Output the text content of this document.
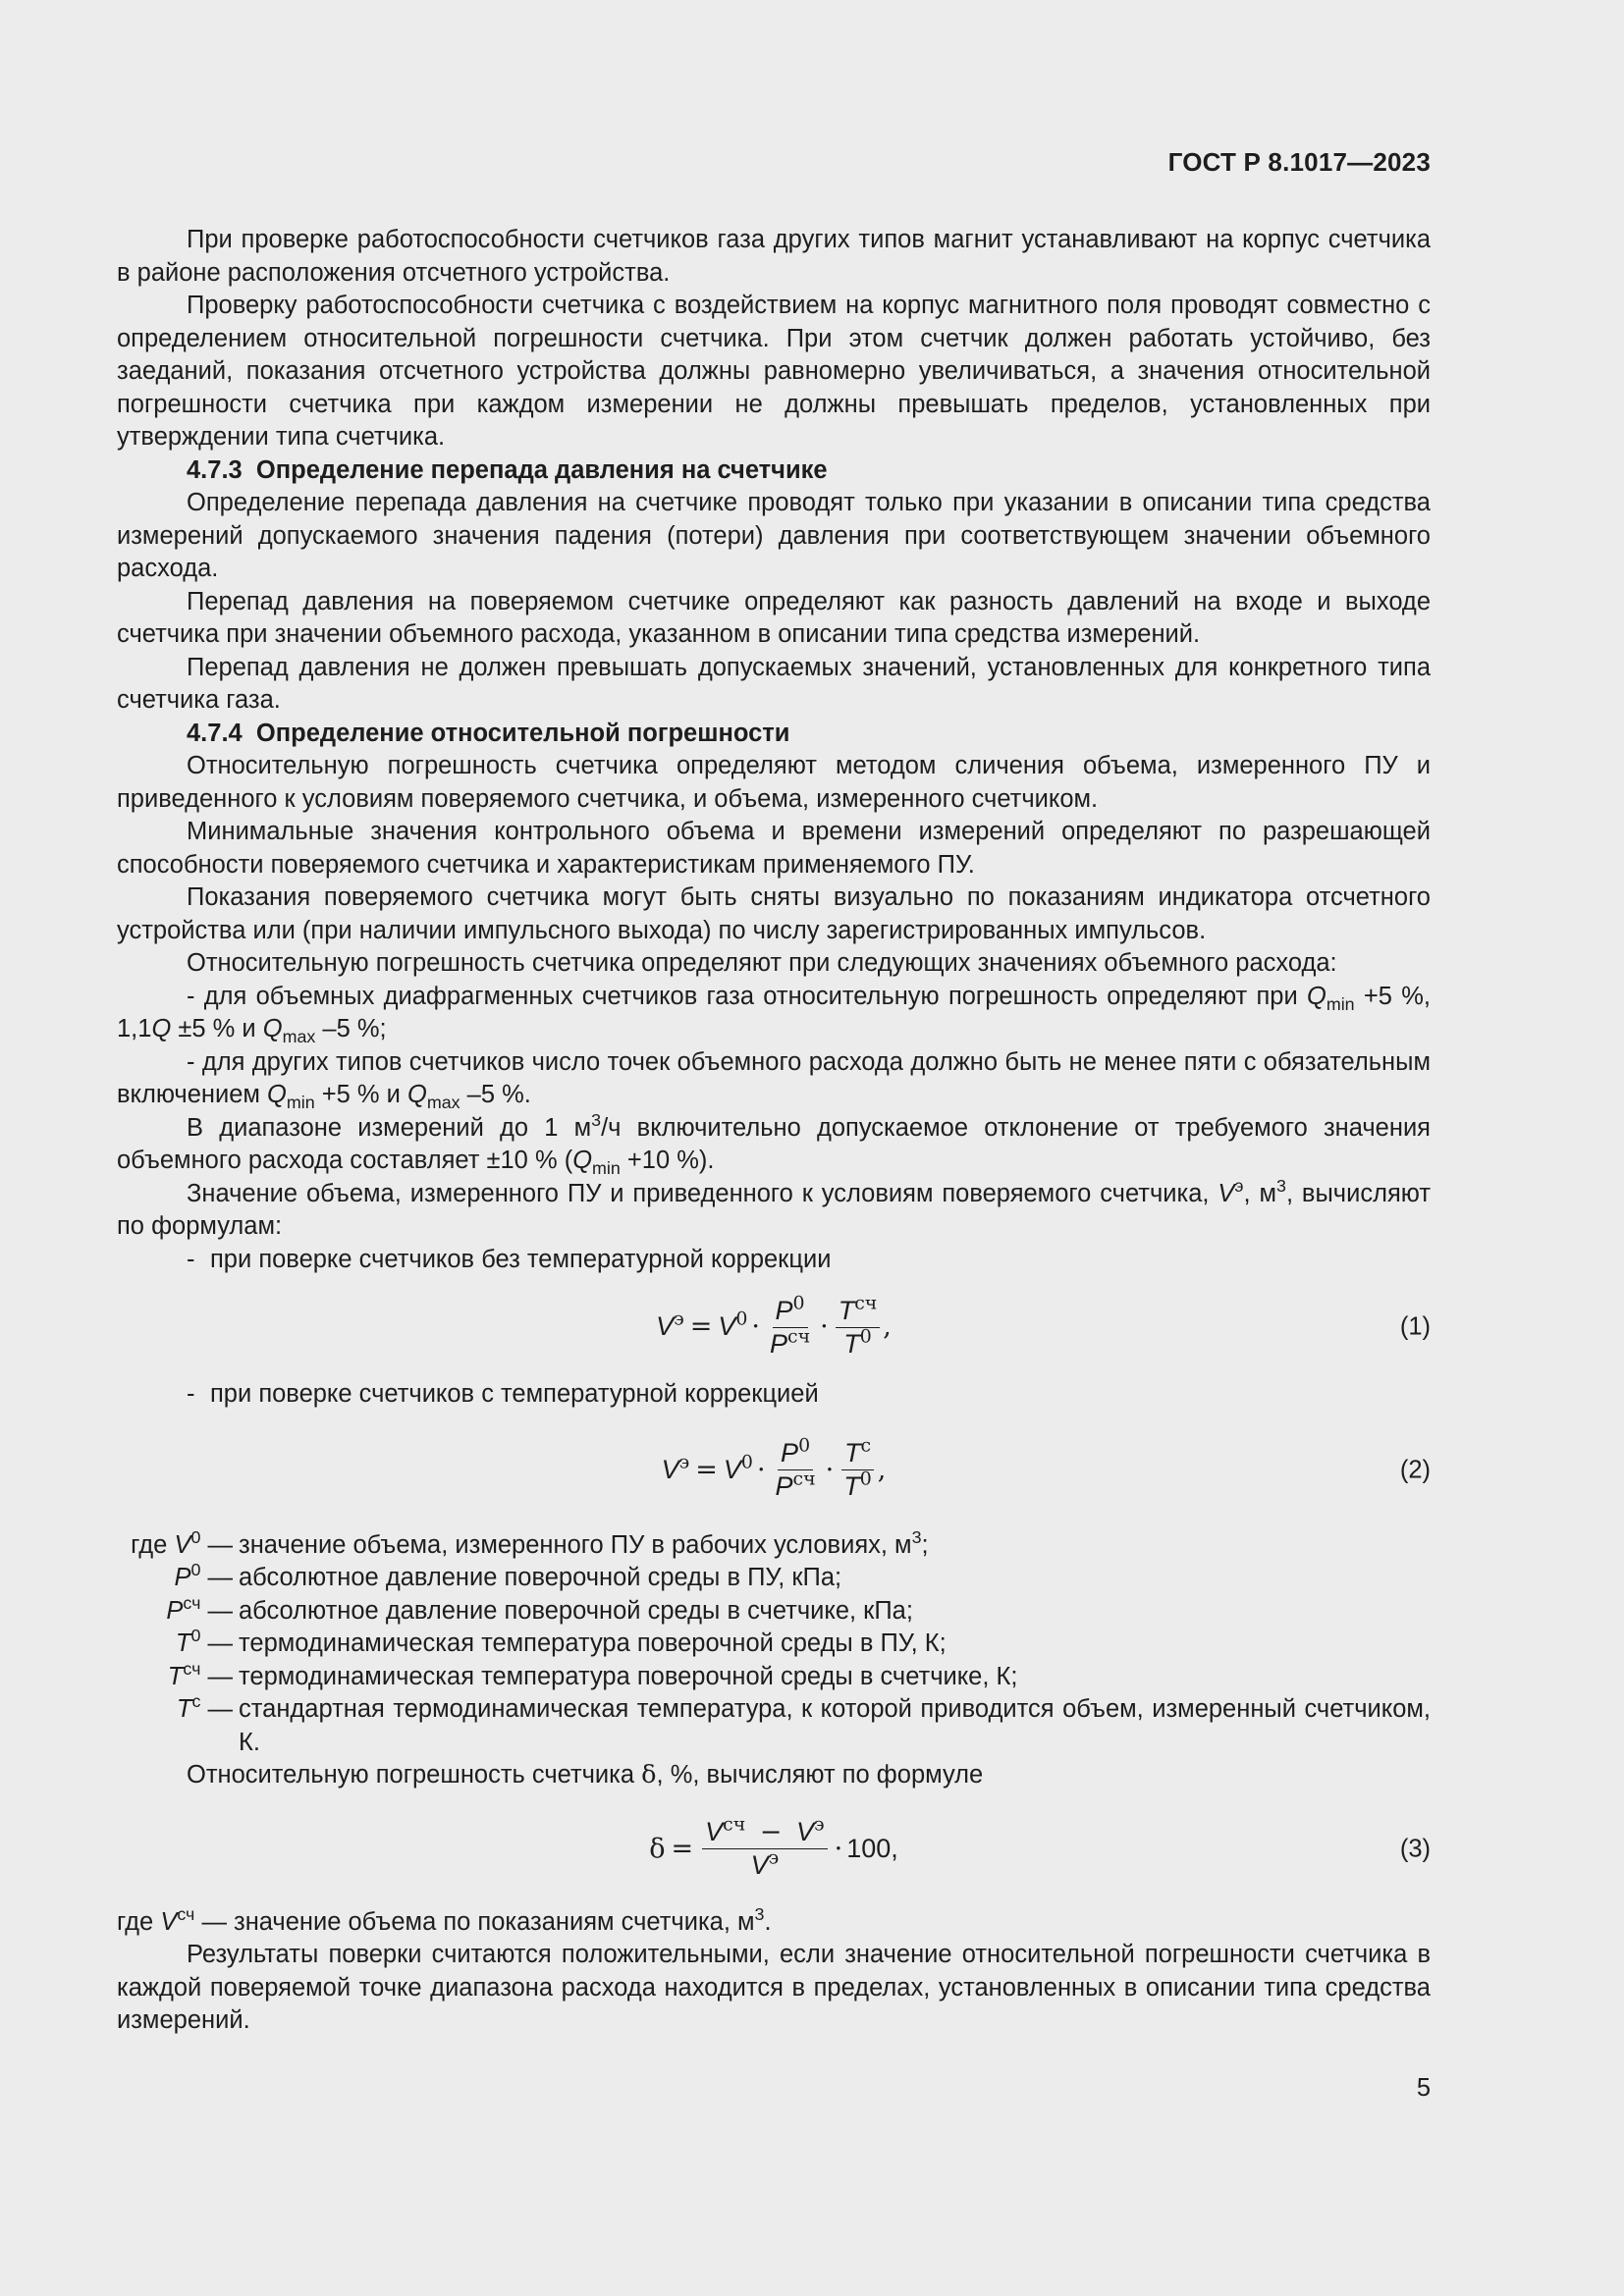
ГОСТ Р 8.1017—2023

При проверке работоспособности счетчиков газа других типов магнит устанавливают на корпус счетчика в районе расположения отсчетного устройства.

Проверку работоспособности счетчика с воздействием на корпус магнитного поля проводят совместно с определением относительной погрешности счетчика. При этом счетчик должен работать устойчиво, без заеданий, показания отсчетного устройства должны равномерно увеличиваться, а значения относительной погрешности счетчика при каждом измерении не должны превышать пределов, установленных при утверждении типа счетчика.

4.7.3 Определение перепада давления на счетчике

Определение перепада давления на счетчике проводят только при указании в описании типа средства измерений допускаемого значения падения (потери) давления при соответствующем значении объемного расхода.

Перепад давления на поверяемом счетчике определяют как разность давлений на входе и выходе счетчика при значении объемного расхода, указанном в описании типа средства измерений.

Перепад давления не должен превышать допускаемых значений, установленных для конкретного типа счетчика газа.

4.7.4 Определение относительной погрешности

Относительную погрешность счетчика определяют методом сличения объема, измеренного ПУ и приведенного к условиям поверяемого счетчика, и объема, измеренного счетчиком.

Минимальные значения контрольного объема и времени измерений определяют по разрешающей способности поверяемого счетчика и характеристикам применяемого ПУ.

Показания поверяемого счетчика могут быть сняты визуально по показаниям индикатора отсчетного устройства или (при наличии импульсного выхода) по числу зарегистрированных импульсов.

Относительную погрешность счетчика определяют при следующих значениях объемного расхода:

- для объемных диафрагменных счетчиков газа относительную погрешность определяют при $Q_{min} +5$ %, 1,1Q ±5 % и $Q_{max}$ –5 %;

- для других типов счетчиков число точек объемного расхода должно быть не менее пяти с обязательным включением $Q_{min} +5$ % и $Q_{max}$ –5 %.

В диапазоне измерений до 1 $м^3/ч$ включительно допускаемое отклонение от требуемого значения объемного расхода составляет ±10 % ($Q_{min} +10$ %).

Значение объема, измеренного ПУ и приведенного к условиям поверяемого счетчика, $V^э$, $м^3$, вычисляют по формулам:

- при поверке счетчиков без температурной коррекции

$V^э = V^0 \cdot \frac{P^0}{P^{сч}} \cdot \frac{T^{сч}}{T^0}$ ,	(1)

- при поверке счетчиков с температурной коррекцией

$V^э = V^0 \cdot \frac{P^0}{P^{сч}} \cdot \frac{T^с}{T^0}$ ,	(2)
где $V^0$ — значение объема, измеренного ПУ в рабочих условиях, $м^3$;
$P^0$ — абсолютное давление поверочной среды в ПУ, кПа;
$P^{сч}$ — абсолютное давление поверочной среды в счетчике, кПа;
$T^0$ — термодинамическая температура поверочной среды в ПУ, К;
$T^{сч}$ — термодинамическая температура поверочной среды в счетчике, К;
$T^с$ — стандартная термодинамическая температура, к которой приводится объем, измеренный счетчиком, К.

Относительную погрешность счетчика δ, %, вычисляют по формуле

$\delta = \frac{V^{сч} - V^э}{V^э} \cdot 100$,	(3)

где $V^{сч}$ — значение объема по показаниям счетчика, $м^3$.

Результаты поверки считаются положительными, если значение относительной погрешности счетчика в каждой поверяемой точке диапазона расхода находится в пределах, установленных в описании типа средства измерений.

5
